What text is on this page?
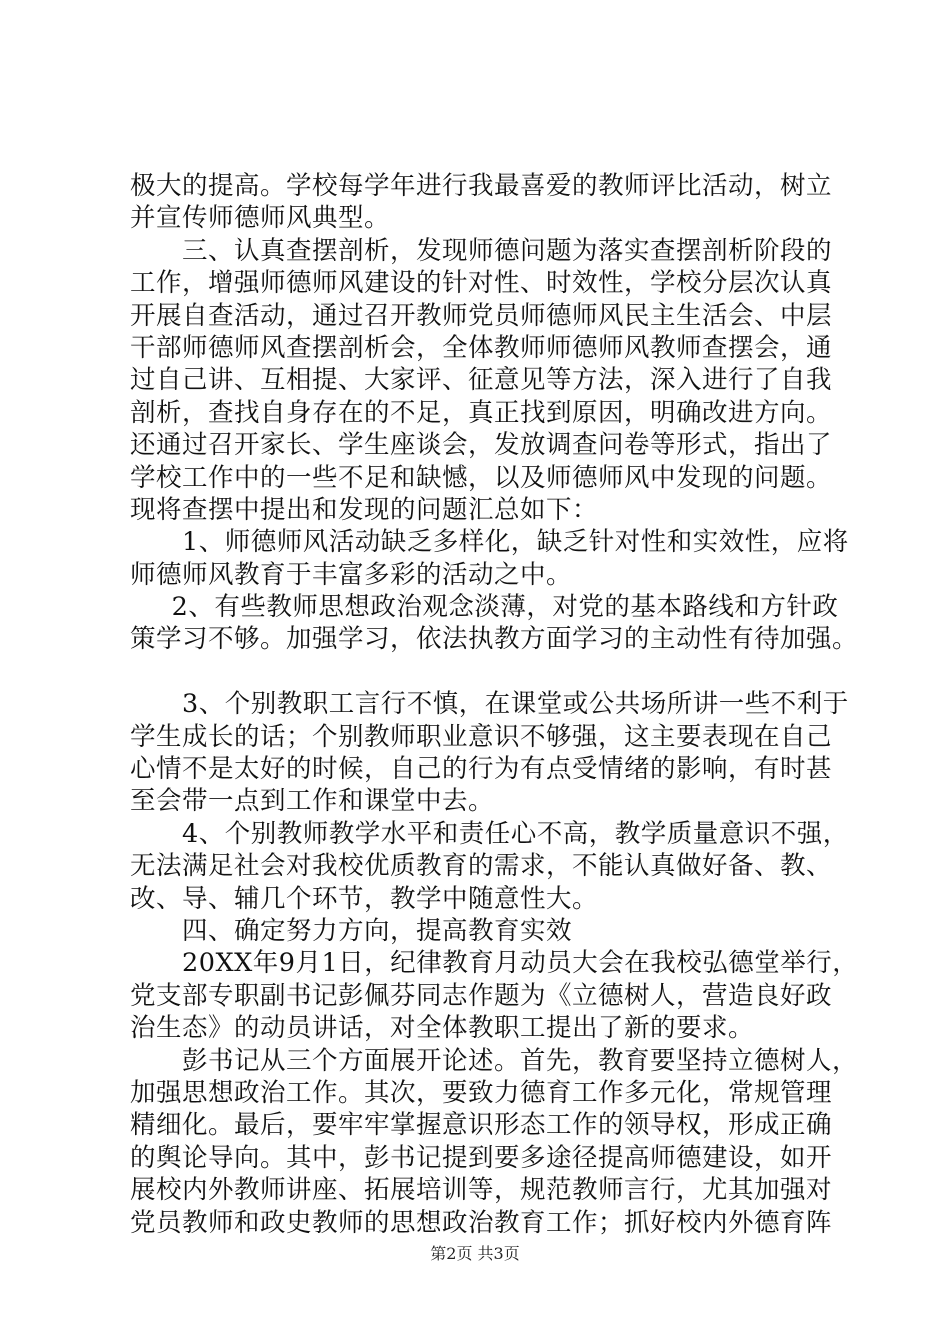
极大的提高。学校每学年进行我最喜爱的教师评比活动，树立
并宣传师德师风典型。
三、认真查摆剖析，发现师德问题为落实查摆剖析阶段的
工作，增强师德师风建设的针对性、时效性，学校分层次认真
开展自查活动，通过召开教师党员师德师风民主生活会、中层
干部师德师风查摆剖析会，全体教师师德师风教师查摆会，通
过自己讲、互相提、大家评、征意见等方法，深入进行了自我
剖析，查找自身存在的不足，真正找到原因，明确改进方向。
还通过召开家长、学生座谈会，发放调查问卷等形式，指出了
学校工作中的一些不足和缺憾，以及师德师风中发现的问题。
现将查摆中提出和发现的问题汇总如下：
1、师德师风活动缺乏多样化，缺乏针对性和实效性，应将
师德师风教育于丰富多彩的活动之中。
2、有些教师思想政治观念淡薄，对党的基本路线和方针政
策学习不够。加强学习，依法执教方面学习的主动性有待加强。
3、个别教职工言行不慎，在课堂或公共场所讲一些不利于
学生成长的话；个别教师职业意识不够强，这主要表现在自己
心情不是太好的时候，自己的行为有点受情绪的影响，有时甚
至会带一点到工作和课堂中去。
4、个别教师教学水平和责任心不高，教学质量意识不强，
无法满足社会对我校优质教育的需求，不能认真做好备、教、
改、导、辅几个环节，教学中随意性大。
四、确定努力方向，提高教育实效
20XX年9月1日，纪律教育月动员大会在我校弘德堂举行，
党支部专职副书记彭佩芬同志作题为《立德树人，营造良好政
治生态》的动员讲话，对全体教职工提出了新的要求。
彭书记从三个方面展开论述。首先，教育要坚持立德树人，
加强思想政治工作。其次，要致力德育工作多元化，常规管理
精细化。最后，要牢牢掌握意识形态工作的领导权，形成正确
的舆论导向。其中，彭书记提到要多途径提高师德建设，如开
展校内外教师讲座、拓展培训等，规范教师言行，尤其加强对
党员教师和政史教师的思想政治教育工作；抓好校内外德育阵
第2页 共3页
